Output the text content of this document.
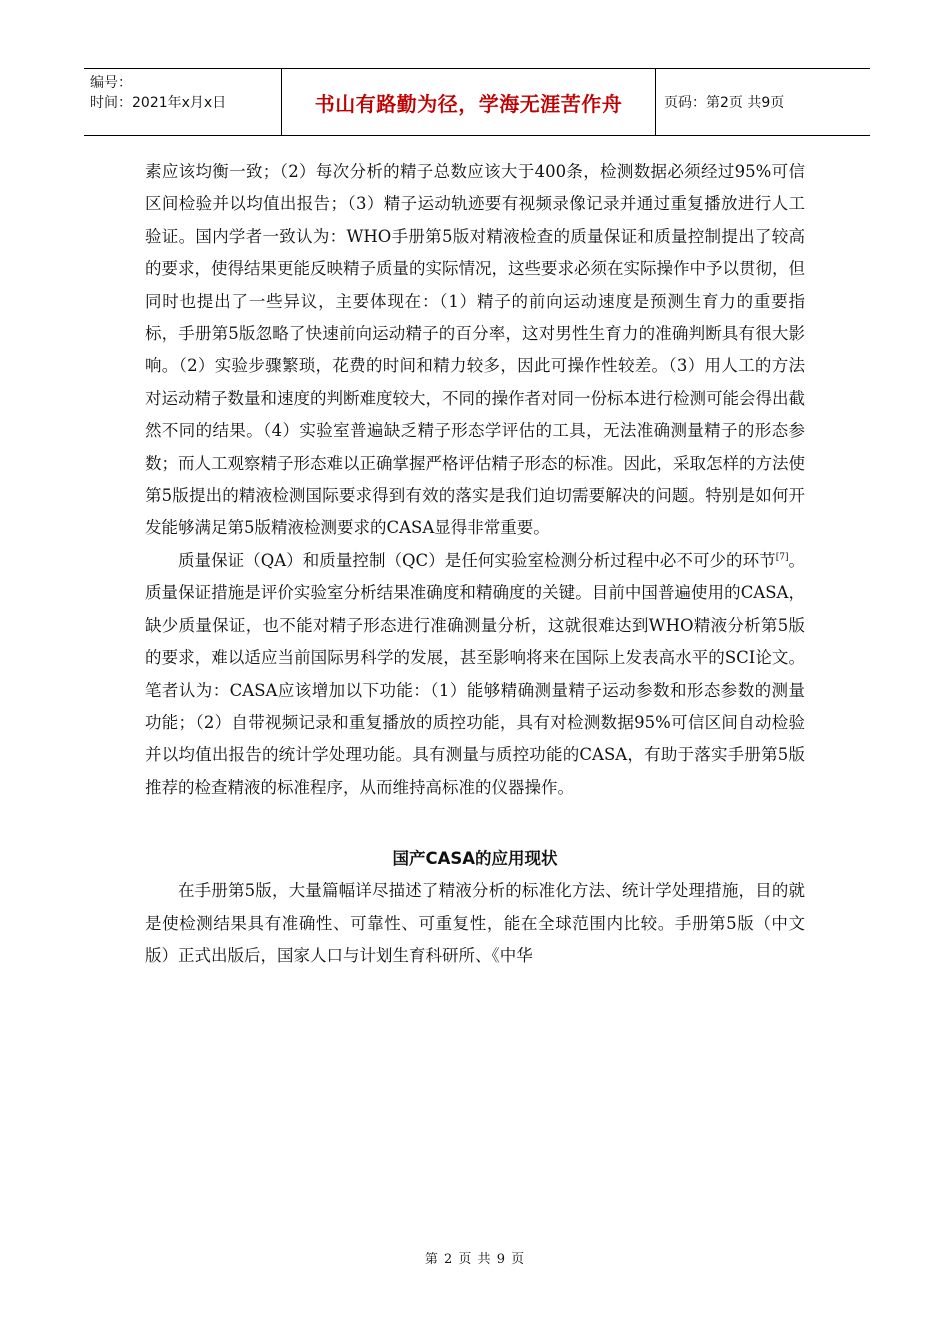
编号：
时间：2021年x月x日	书山有路勤为径，学海无涯苦作舟	页码：第2页 共9页

素应该均衡一致；（2）每次分析的精子总数应该大于400条，检测数据必须经过95%可信区间检验并以均值出报告；（3）精子运动轨迹要有视频录像记录并通过重复播放进行人工验证。国内学者一致认为：WHO手册第5版对精液检查的质量保证和质量控制提出了较高的要求，使得结果更能反映精子质量的实际情况，这些要求必须在实际操作中予以贯彻，但同时也提出了一些异议，主要体现在：（1）精子的前向运动速度是预测生育力的重要指标，手册第5版忽略了快速前向运动精子的百分率，这对男性生育力的准确判断具有很大影响。（2）实验步骤繁琐，花费的时间和精力较多，因此可操作性较差。（3）用人工的方法对运动精子数量和速度的判断难度较大，不同的操作者对同一份标本进行检测可能会得出截然不同的结果。（4）实验室普遍缺乏精子形态学评估的工具，无法准确测量精子的形态参数；而人工观察精子形态难以正确掌握严格评估精子形态的标准。因此，采取怎样的方法使第5版提出的精液检测国际要求得到有效的落实是我们迫切需要解决的问题。特别是如何开发能够满足第5版精液检测要求的CASA显得非常重要。

质量保证（QA）和质量控制（QC）是任何实验室检测分析过程中必不可少的环节[7]。质量保证措施是评价实验室分析结果准确度和精确度的关键。目前中国普遍使用的CASA，缺少质量保证，也不能对精子形态进行准确测量分析，这就很难达到WHO精液分析第5版的要求，难以适应当前国际男科学的发展，甚至影响将来在国际上发表高水平的SCI论文。笔者认为：CASA应该增加以下功能：（1）能够精确测量精子运动参数和形态参数的测量功能；（2）自带视频记录和重复播放的质控功能，具有对检测数据95%可信区间自动检验并以均值出报告的统计学处理功能。具有测量与质控功能的CASA，有助于落实手册第5版推荐的检查精液的标准程序，从而维持高标准的仪器操作。

国产CASA的应用现状

在手册第5版，大量篇幅详尽描述了精液分析的标准化方法、统计学处理措施，目的就是使检测结果具有准确性、可靠性、可重复性，能在全球范围内比较。手册第5版（中文版）正式出版后，国家人口与计划生育科研所、《中华

第 2 页 共 9 页
